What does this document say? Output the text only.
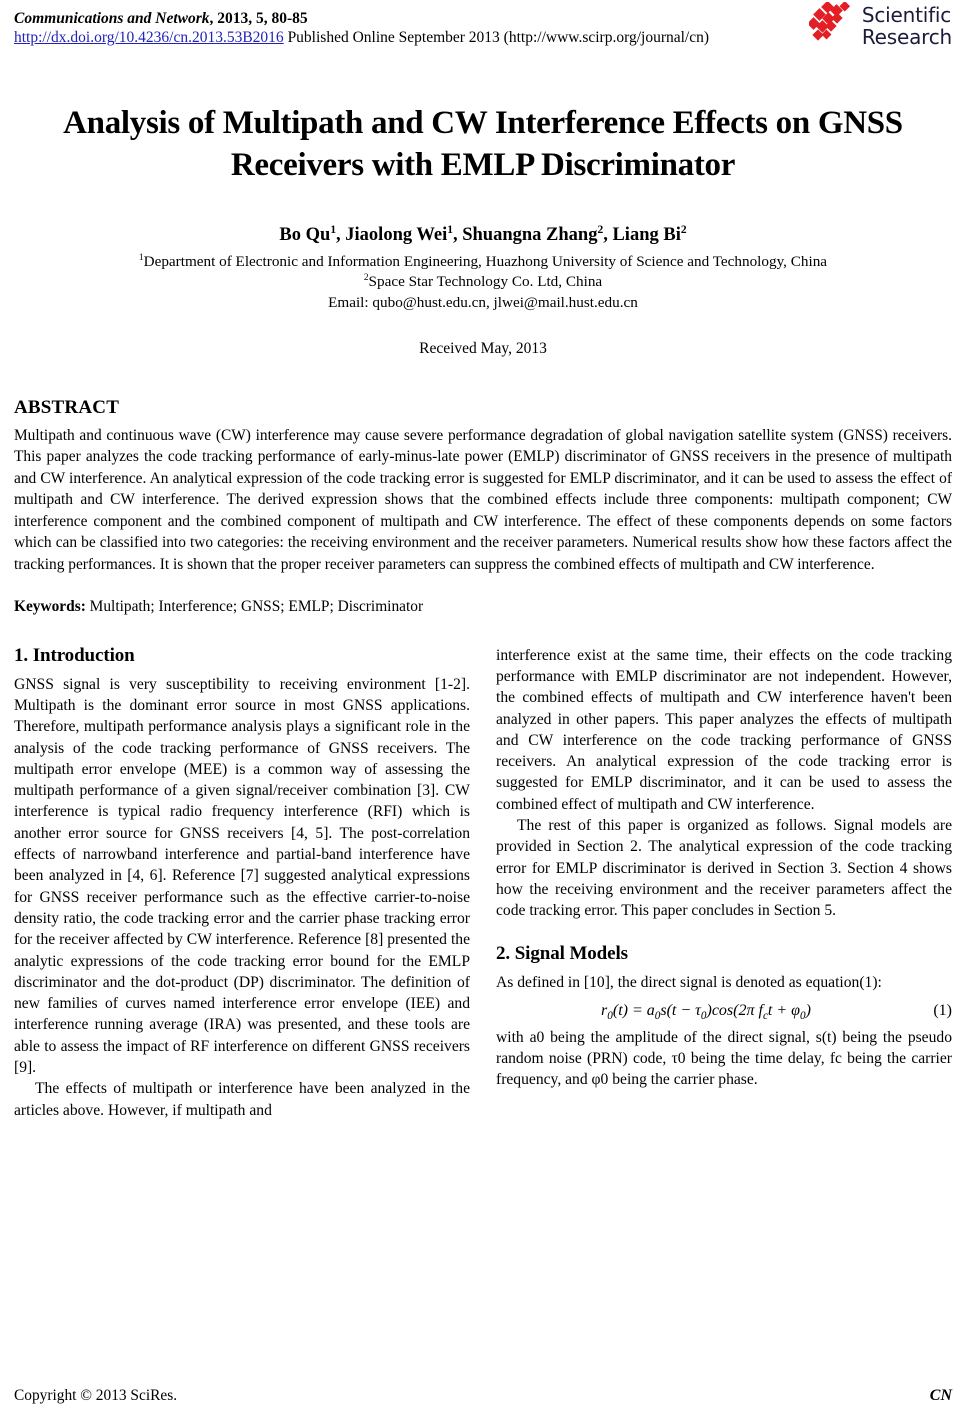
Communications and Network, 2013, 5, 80-85
http://dx.doi.org/10.4236/cn.2013.53B2016 Published Online September 2013 (http://www.scirp.org/journal/cn)
Scientific
Research
Analysis of Multipath and CW Interference Effects on GNSS Receivers with EMLP Discriminator
Bo Qu$^1$, Jiaolong Wei$^1$, Shuangna Zhang$^2$, Liang Bi$^2$
$^1$Department of Electronic and Information Engineering, Huazhong University of Science and Technology, China
$^2$Space Star Technology Co. Ltd, China
Email: qubo@hust.edu.cn, jlwei@mail.hust.edu.cn
Received May, 2013
ABSTRACT
Multipath and continuous wave (CW) interference may cause severe performance degradation of global navigation satellite system (GNSS) receivers. This paper analyzes the code tracking performance of early-minus-late power (EMLP) discriminator of GNSS receivers in the presence of multipath and CW interference. An analytical expression of the code tracking error is suggested for EMLP discriminator, and it can be used to assess the effect of multipath and CW interference. The derived expression shows that the combined effects include three components: multipath component; CW interference component and the combined component of multipath and CW interference. The effect of these components depends on some factors which can be classified into two categories: the receiving environment and the receiver parameters. Numerical results show how these factors affect the tracking performances. It is shown that the proper receiver parameters can suppress the combined effects of multipath and CW interference.
Keywords: Multipath; Interference; GNSS; EMLP; Discriminator
1. Introduction

GNSS signal is very susceptibility to receiving environment [1-2]. Multipath is the dominant error source in most GNSS applications. Therefore, multipath performance analysis plays a significant role in the analysis of the code tracking performance of GNSS receivers. The multipath error envelope (MEE) is a common way of assessing the multipath performance of a given signal/receiver combination [3]. CW interference is typical radio frequency interference (RFI) which is another error source for GNSS receivers [4, 5]. The post-correlation effects of narrowband interference and partial-band interference have been analyzed in [4, 6]. Reference [7] suggested analytical expressions for GNSS receiver performance such as the effective carrier-to-noise density ratio, the code tracking error and the carrier phase tracking error for the receiver affected by CW interference. Reference [8] presented the analytic expressions of the code tracking error bound for the EMLP discriminator and the dot-product (DP) discriminator. The definition of new families of curves named interference error envelope (IEE) and interference running average (IRA) was presented, and these tools are able to assess the impact of RF interference on different GNSS receivers [9].

The effects of multipath or interference have been analyzed in the articles above. However, if multipath and

interference exist at the same time, their effects on the code tracking performance with EMLP discriminator are not independent. However, the combined effects of multipath and CW interference haven't been analyzed in other papers. This paper analyzes the effects of multipath and CW interference on the code tracking performance of GNSS receivers. An analytical expression of the code tracking error is suggested for EMLP discriminator, and it can be used to assess the combined effect of multipath and CW interference.

The rest of this paper is organized as follows. Signal models are provided in Section 2. The analytical expression of the code tracking error for EMLP discriminator is derived in Section 3. Section 4 shows how the receiving environment and the receiver parameters affect the code tracking error. This paper concludes in Section 5.

2. Signal Models

As defined in [10], the direct signal is denoted as equation(1):

$r_0(t) = a_0s(t - \tau_0)\cos(2\pi$ $f_ct + \varphi_0$)	(1)

with a0 being the amplitude of the direct signal, s(t) being the pseudo random noise (PRN) code, τ0 being the time delay, fc being the carrier frequency, and φ0 being the carrier phase.

Copyright © 2013 SciRes.	CN
